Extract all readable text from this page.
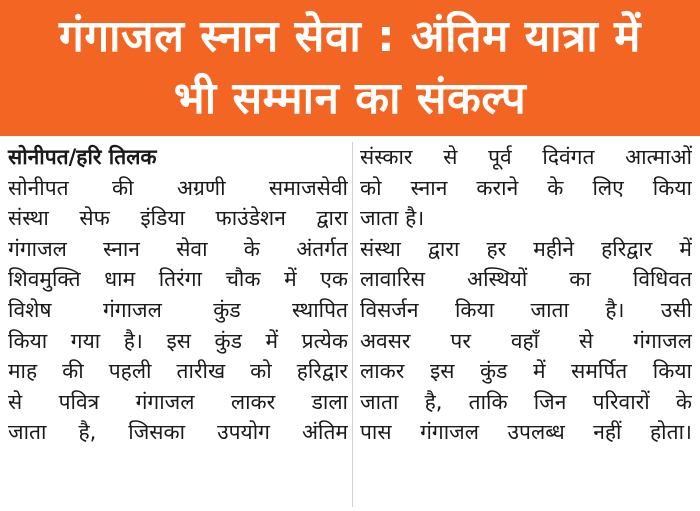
गंगाजल स्नान सेवा : अंतिम यात्रा में
भी सम्मान का संकल्प
सोनीपत/हरि तिलक
सोनीपत की अग्रणी समाजसेवी
संस्था सेफ इंडिया फाउंडेशन द्वारा
गंगाजल स्नान सेवा के अंतर्गत
शिवमुक्ति धाम तिरंगा चौक में एक
विशेष गंगाजल कुंड स्थापित
किया गया है। इस कुंड में प्रत्येक
माह की पहली तारीख को हरिद्वार
से पवित्र गंगाजल लाकर डाला
जाता है, जिसका उपयोग अंतिम
संस्कार से पूर्व दिवंगत आत्माओं
को स्नान कराने के लिए किया
जाता है।
संस्था द्वारा हर महीने हरिद्वार में
लावारिस अस्थियों का विधिवत
विसर्जन किया जाता है। उसी
अवसर पर वहाँ से गंगाजल
लाकर इस कुंड में समर्पित किया
जाता है, ताकि जिन परिवारों के
पास गंगाजल उपलब्ध नहीं होता।
